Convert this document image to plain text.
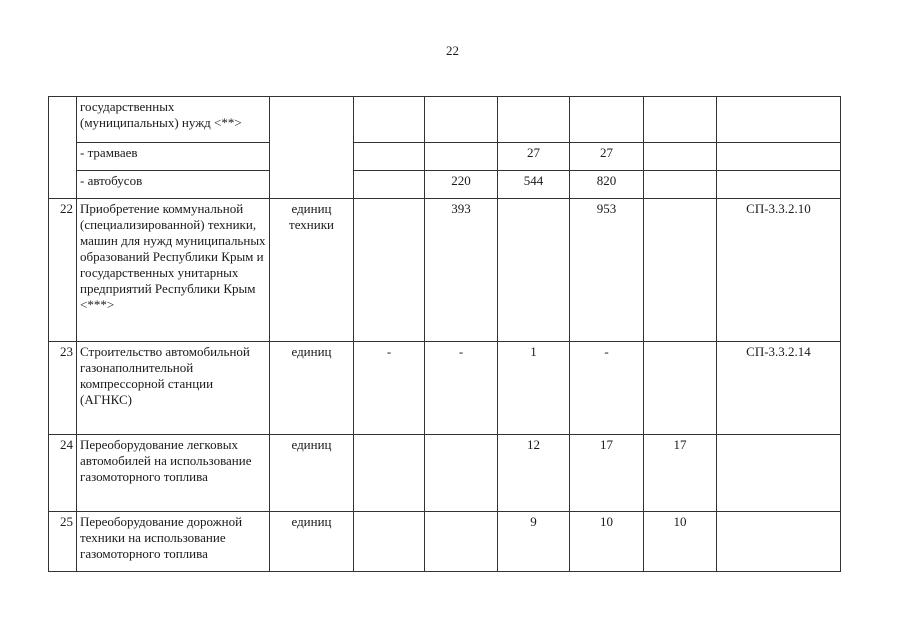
22
	государственных (муниципальных) нужд <**>							
	- трамваев				27	27		
	- автобусов			220	544	820		
22	Приобретение коммунальной (специализированной) техники, машин для нужд муниципальных образований Республики Крым и государственных унитарных предприятий Республики Крым <***>	единиц техники		393		953		СП-3.3.2.10
23	Строительство автомобильной газонаполнительной компрессорной станции (АГНКС)	единиц	-	-	1	-		СП-3.3.2.14
24	Переоборудование легковых автомобилей на использование газомоторного топлива	единиц			12	17	17	
25	Переоборудование дорожной техники на использование газомоторного топлива	единиц			9	10	10	
